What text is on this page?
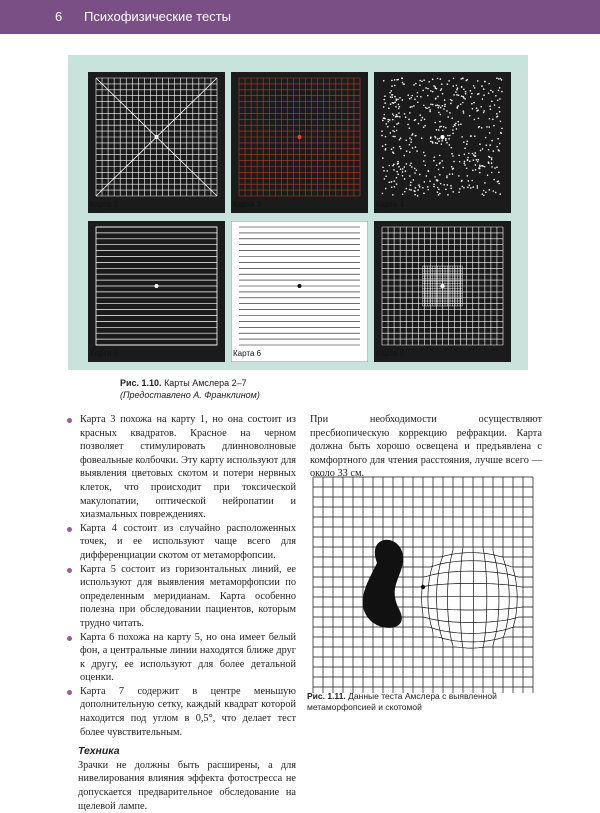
6 Психофизические тесты
Карта 2	Карта 3	Карта 4
Карта 5	Карта 6	Карта 7
Рис. 1.10. Карты Амслера 2–7
(Предоставлено А. Франклином)

Карта 3 похожа на карту 1, но она состоит из красных квадратов. Красное на черном позволяет стимулировать длинноволновые фовеальные колбочки. Эту карту используют для выявления цветовых скотом и потери нервных клеток, что происходит при токсической макулопатии, оптической нейропатии и хиазмальных повреждениях.

Карта 4 состоит из случайно расположенных точек, и ее используют чаще всего для дифференциации скотом от метаморфопсии.

Карта 5 состоит из горизонтальных линий, ее используют для выявления метаморфопсии по определенным меридианам. Карта особенно полезна при обследовании пациентов, которым трудно читать.

Карта 6 похожа на карту 5, но она имеет белый фон, а центральные линии находятся ближе друг к другу, ее используют для более детальной оценки.

Карта 7 содержит в центре меньшую дополнительную сетку, каждый квадрат которой находится под углом в 0,5°, что делает тест более чувствительным.

Техника

Зрачки не должны быть расширены, а для нивелирования влияния эффекта фотостресса не допускается предварительное обследование на щелевой лампе.

При необходимости осуществляют пресбиопическую коррекцию рефракции. Карта должна быть хорошо освещена и предъявлена с комфортного для чтения расстояния, лучше всего — около 33 см.

Рис. 1.11. Данные теста Амслера с выявленной метаморфопсией и скотомой
